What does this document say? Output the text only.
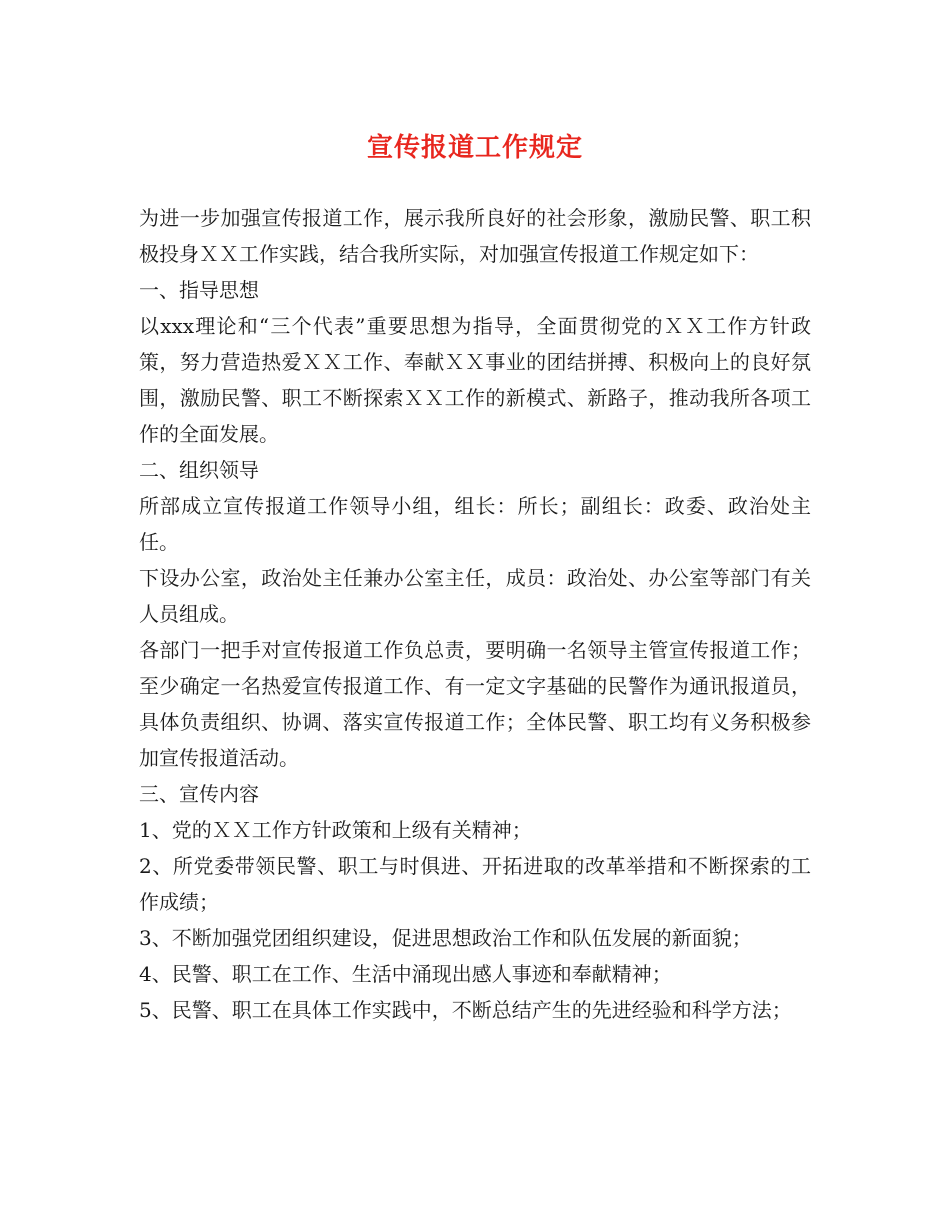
宣传报道工作规定

为进一步加强宣传报道工作，展示我所良好的社会形象，激励民警、职工积极投身ＸＸ工作实践，结合我所实际，对加强宣传报道工作规定如下：

一、指导思想

以xxx理论和“三个代表”重要思想为指导，全面贯彻党的ＸＸ工作方针政策，努力营造热爱ＸＸ工作、奉献ＸＸ事业的团结拼搏、积极向上的良好氛围，激励民警、职工不断探索ＸＸ工作的新模式、新路子，推动我所各项工作的全面发展。

二、组织领导

所部成立宣传报道工作领导小组，组长：所长；副组长：政委、政治处主任。

下设办公室，政治处主任兼办公室主任，成员：政治处、办公室等部门有关人员组成。

各部门一把手对宣传报道工作负总责，要明确一名领导主管宣传报道工作；至少确定一名热爱宣传报道工作、有一定文字基础的民警作为通讯报道员，具体负责组织、协调、落实宣传报道工作；全体民警、职工均有义务积极参加宣传报道活动。

三、宣传内容

1、党的ＸＸ工作方针政策和上级有关精神；

2、所党委带领民警、职工与时俱进、开拓进取的改革举措和不断探索的工作成绩；

3、不断加强党团组织建设，促进思想政治工作和队伍发展的新面貌；

4、民警、职工在工作、生活中涌现出感人事迹和奉献精神；

5、民警、职工在具体工作实践中，不断总结产生的先进经验和科学方法；
